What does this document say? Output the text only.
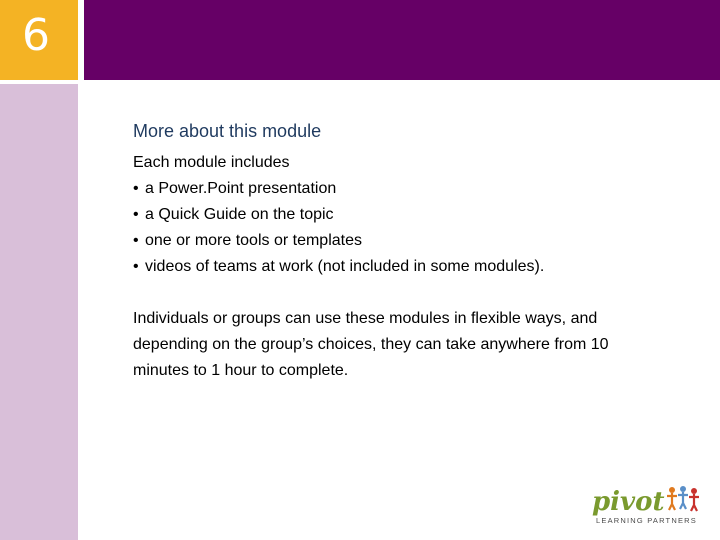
6
More about this module

Each module includes

• a Power.Point presentation
• a Quick Guide on the topic
• one or more tools or templates
• videos of teams at work (not included in some modules).

Individuals or groups can use these modules in flexible ways, and depending on the group’s choices, they can take anywhere from 10 minutes to 1 hour to complete.

pivot
LEARNING PARTNERS
